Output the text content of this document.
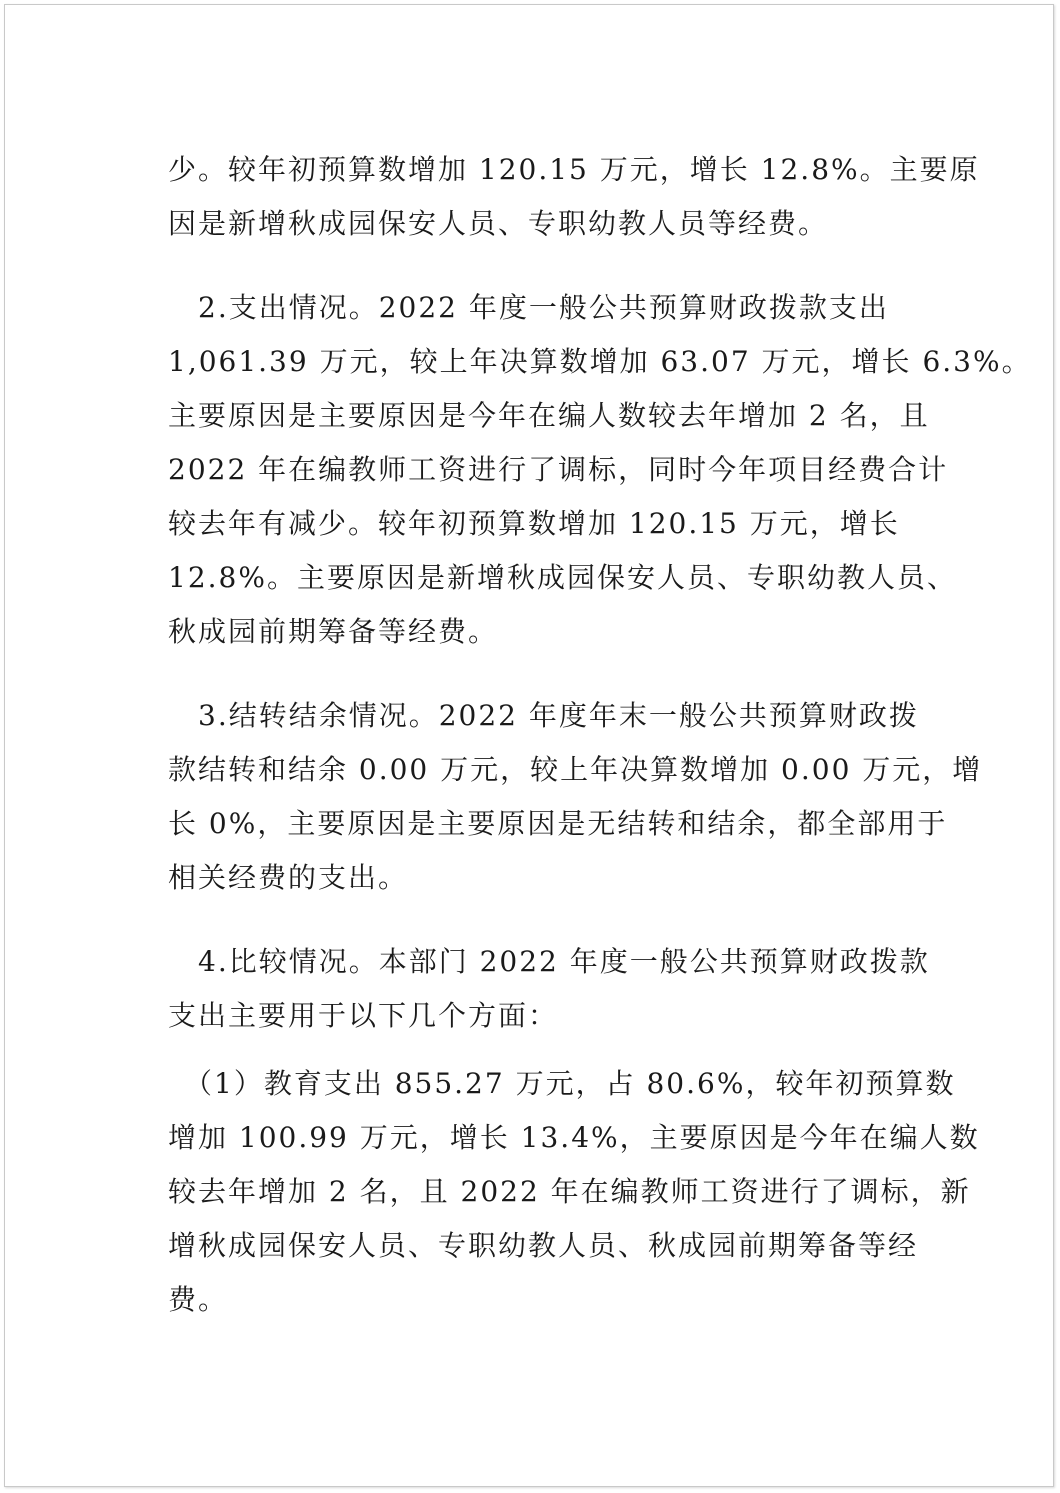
少。较年初预算数增加 120.15 万元，增长 12.8%。主要原
因是新增秋成园保安人员、专职幼教人员等经费。
　2.支出情况。2022 年度一般公共预算财政拨款支出
1,061.39 万元，较上年决算数增加 63.07 万元，增长 6.3%。
主要原因是主要原因是今年在编人数较去年增加 2 名，且
2022 年在编教师工资进行了调标，同时今年项目经费合计
较去年有减少。较年初预算数增加 120.15 万元，增长
12.8%。主要原因是新增秋成园保安人员、专职幼教人员、
秋成园前期筹备等经费。
　3.结转结余情况。2022 年度年末一般公共预算财政拨
款结转和结余 0.00 万元，较上年决算数增加 0.00 万元，增
长 0%，主要原因是主要原因是无结转和结余，都全部用于
相关经费的支出。
　4.比较情况。本部门 2022 年度一般公共预算财政拨款
支出主要用于以下几个方面：
　（1）教育支出 855.27 万元，占 80.6%，较年初预算数
增加 100.99 万元，增长 13.4%，主要原因是今年在编人数
较去年增加 2 名，且 2022 年在编教师工资进行了调标，新
增秋成园保安人员、专职幼教人员、秋成园前期筹备等经
费。
